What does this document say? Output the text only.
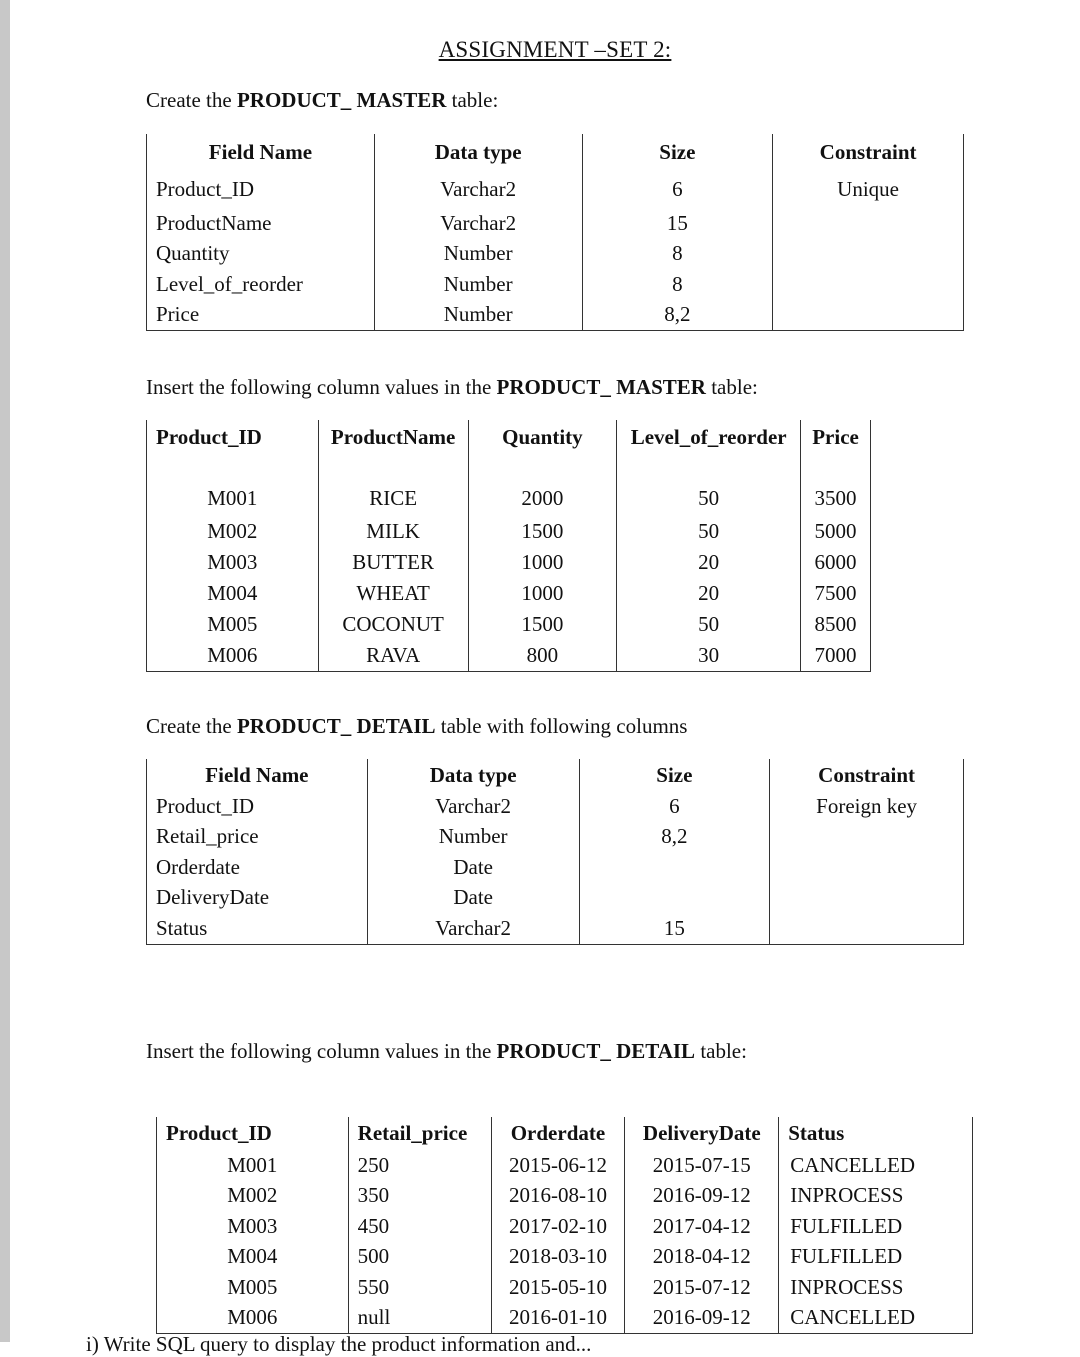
ASSIGNMENT –SET 2:
Create the PRODUCT_ MASTER table:
Field Name	Data type	Size	Constraint
Product_ID	Varchar2	6	Unique
ProductName	Varchar2	15	
Quantity	Number	8	
Level_of_reorder	Number	8	
Price	Number	8,2	
Insert the following column values in the PRODUCT_ MASTER table:
Product_ID	ProductName	Quantity	Level_of_reorder	Price
M001	RICE	2000	50	3500
M002	MILK	1500	50	5000
M003	BUTTER	1000	20	6000
M004	WHEAT	1000	20	7500
M005	COCONUT	1500	50	8500
M006	RAVA	800	30	7000
Create the PRODUCT_ DETAIL table with following columns
Field Name	Data type	Size	Constraint
Product_ID	Varchar2	6	Foreign key
Retail_price	Number	8,2	
Orderdate	Date		
DeliveryDate	Date		
Status	Varchar2	15	
Insert the following column values in the PRODUCT_ DETAIL table:
Product_ID	Retail_price	Orderdate	DeliveryDate	Status
M001	250	2015-06-12	2015-07-15	CANCELLED
M002	350	2016-08-10	2016-09-12	INPROCESS
M003	450	2017-02-10	2017-04-12	FULFILLED
M004	500	2018-03-10	2018-04-12	FULFILLED
M005	550	2015-05-10	2015-07-12	INPROCESS
M006	null	2016-01-10	2016-09-12	CANCELLED
i) Write SQL query to display the product information and...
